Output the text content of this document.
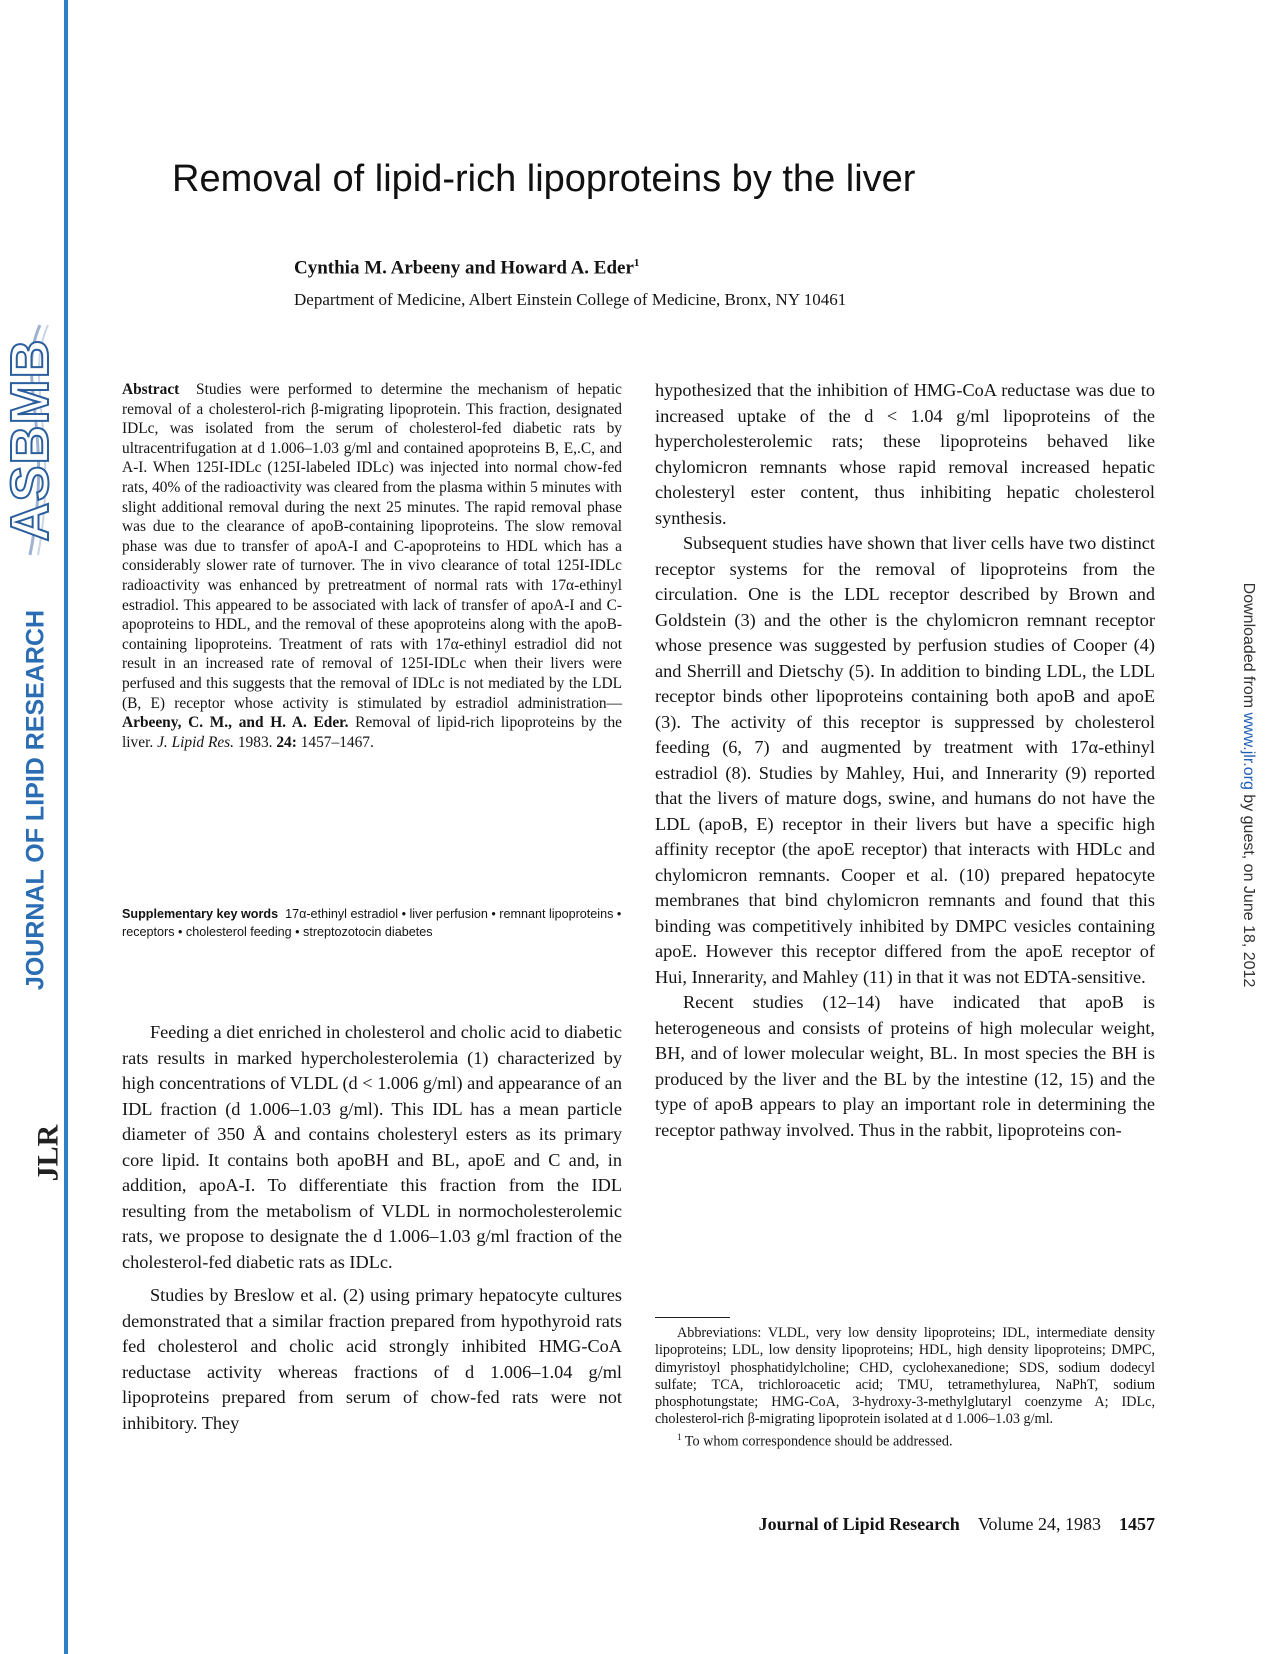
ASBMB
JOURNAL OF LIPID RESEARCH
JLR
Downloaded from www.jlr.org by guest, on June 18, 2012
Removal of lipid-rich lipoproteins by the liver
Cynthia M. Arbeeny and Howard A. Eder$^1$
Department of Medicine, Albert Einstein College of Medicine, Bronx, NY 10461

Abstract Studies were performed to determine the mechanism of hepatic removal of a cholesterol-rich β-migrating lipoprotein. This fraction, designated IDLc, was isolated from the serum of cholesterol-fed diabetic rats by ultracentrifugation at d 1.006–1.03 g/ml and contained apoproteins B, E,.C, and A-I. When 125I-IDLc (125I-labeled IDLc) was injected into normal chow-fed rats, 40% of the radioactivity was cleared from the plasma within 5 minutes with slight additional removal during the next 25 minutes. The rapid removal phase was due to the clearance of apoB-containing lipoproteins. The slow removal phase was due to transfer of apoA-I and C-apoproteins to HDL which has a considerably slower rate of turnover. The in vivo clearance of total 125I-IDLc radioactivity was enhanced by pretreatment of normal rats with 17α-ethinyl estradiol. This appeared to be associated with lack of transfer of apoA-I and C-apoproteins to HDL, and the removal of these apoproteins along with the apoB-containing lipoproteins. Treatment of rats with 17α-ethinyl estradiol did not result in an increased rate of removal of 125I-IDLc when their livers were perfused and this suggests that the removal of IDLc is not mediated by the LDL (B, E) receptor whose activity is stimulated by estradiol administration—Arbeeny, C. M., and H. A. Eder. Removal of lipid-rich lipoproteins by the liver. J. Lipid Res. 1983. 24: 1457–1467.

Supplementary key words 17α-ethinyl estradiol • liver perfusion • remnant lipoproteins • receptors • cholesterol feeding • streptozotocin diabetes

Feeding a diet enriched in cholesterol and cholic acid to diabetic rats results in marked hypercholesterolemia (1) characterized by high concentrations of VLDL (d < 1.006 g/ml) and appearance of an IDL fraction (d 1.006–1.03 g/ml). This IDL has a mean particle diameter of 350 Å and contains cholesteryl esters as its primary core lipid. It contains both apoBH and BL, apoE and C and, in addition, apoA-I. To differentiate this fraction from the IDL resulting from the metabolism of VLDL in normocholesterolemic rats, we propose to designate the d 1.006–1.03 g/ml fraction of the cholesterol-fed diabetic rats as IDLc.

Studies by Breslow et al. (2) using primary hepatocyte cultures demonstrated that a similar fraction prepared from hypothyroid rats fed cholesterol and cholic acid strongly inhibited HMG-CoA reductase activity whereas fractions of d 1.006–1.04 g/ml lipoproteins prepared from serum of chow-fed rats were not inhibitory. They

hypothesized that the inhibition of HMG-CoA reductase was due to increased uptake of the d < 1.04 g/ml lipoproteins of the hypercholesterolemic rats; these lipoproteins behaved like chylomicron remnants whose rapid removal increased hepatic cholesteryl ester content, thus inhibiting hepatic cholesterol synthesis.

Subsequent studies have shown that liver cells have two distinct receptor systems for the removal of lipoproteins from the circulation. One is the LDL receptor described by Brown and Goldstein (3) and the other is the chylomicron remnant receptor whose presence was suggested by perfusion studies of Cooper (4) and Sherrill and Dietschy (5). In addition to binding LDL, the LDL receptor binds other lipoproteins containing both apoB and apoE (3). The activity of this receptor is suppressed by cholesterol feeding (6, 7) and augmented by treatment with 17α-ethinyl estradiol (8). Studies by Mahley, Hui, and Innerarity (9) reported that the livers of mature dogs, swine, and humans do not have the LDL (apoB, E) receptor in their livers but have a specific high affinity receptor (the apoE receptor) that interacts with HDLc and chylomicron remnants. Cooper et al. (10) prepared hepatocyte membranes that bind chylomicron remnants and found that this binding was competitively inhibited by DMPC vesicles containing apoE. However this receptor differed from the apoE receptor of Hui, Innerarity, and Mahley (11) in that it was not EDTA-sensitive.

Recent studies (12–14) have indicated that apoB is heterogeneous and consists of proteins of high molecular weight, BH, and of lower molecular weight, BL. In most species the BH is produced by the liver and the BL by the intestine (12, 15) and the type of apoB appears to play an important role in determining the receptor pathway involved. Thus in the rabbit, lipoproteins con-

Abbreviations: VLDL, very low density lipoproteins; IDL, intermediate density lipoproteins; LDL, low density lipoproteins; HDL, high density lipoproteins; DMPC, dimyristoyl phosphatidylcholine; CHD, cyclohexanedione; SDS, sodium dodecyl sulfate; TCA, trichloroacetic acid; TMU, tetramethylurea, NaPhT, sodium phosphotungstate; HMG-CoA, 3-hydroxy-3-methylglutaryl coenzyme A; IDLc, cholesterol-rich β-migrating lipoprotein isolated at d 1.006–1.03 g/ml.

$^1$ To whom correspondence should be addressed.

Journal of Lipid Research Volume 24, 1983 1457
